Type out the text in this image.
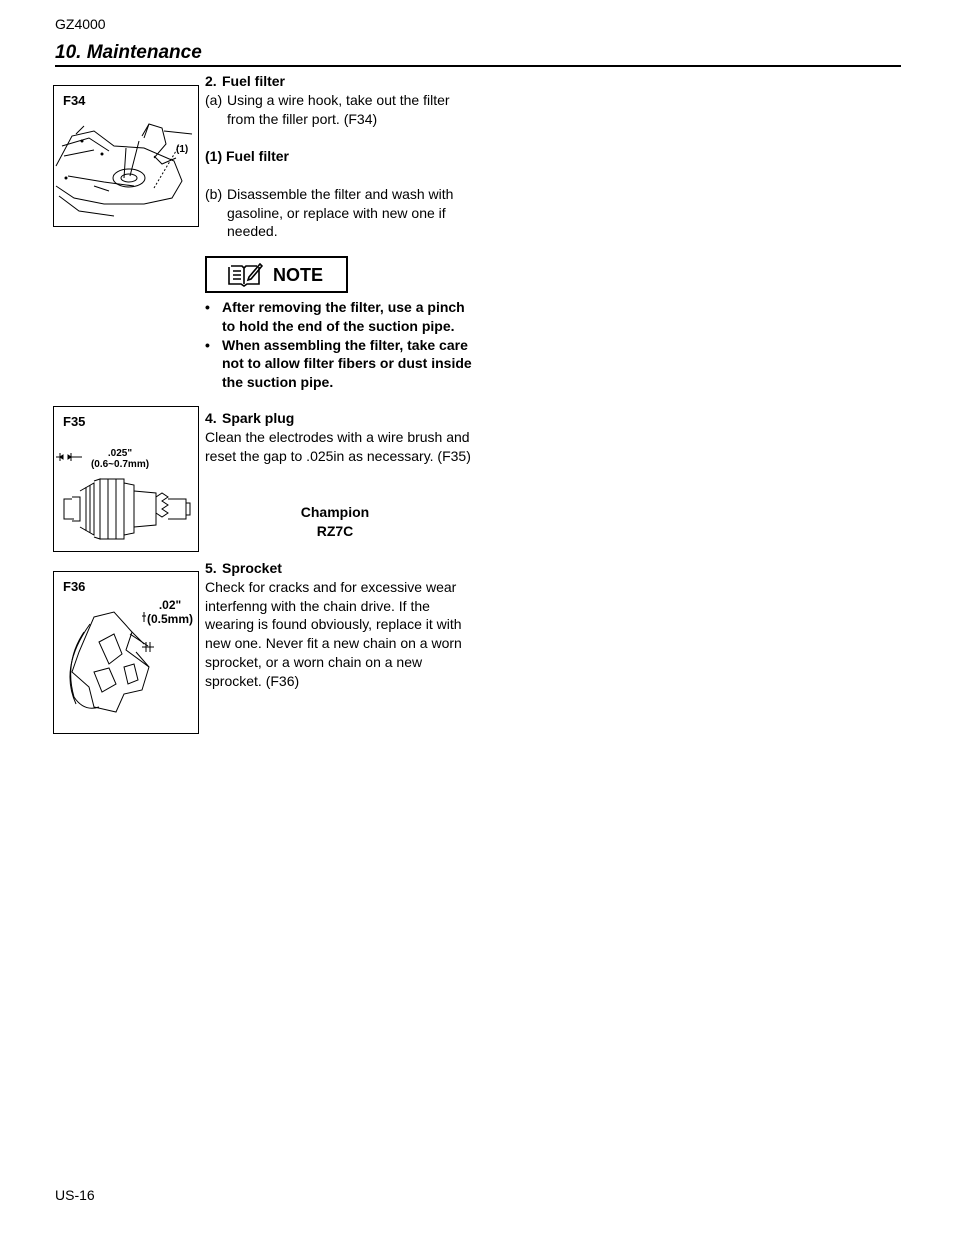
GZ4000
10. Maintenance
F34
(1)
2. Fuel filter
(a) Using a wire hook, take out the filter from the filler port. (F34)
(1) Fuel filter
(b) Disassemble the filter and wash with gasoline, or replace with new one if needed.
NOTE
• After removing the filter, use a pinch to hold the end of the suction pipe.
• When assembling the filter, take care not to allow filter fibers or dust inside the suction pipe.
F35
.025"
(0.6~0.7mm)
4. Spark plug
Clean the electrodes with a wire brush and reset the gap to .025in as necessary. (F35)
Champion
RZ7C
F36
.02"
(0.5mm)
5. Sprocket
Check for cracks and for excessive wear interfenng with the chain drive. If the wearing is found obviously, replace it with new one. Never fit a new chain on a worn sprocket, or a worn chain on a new sprocket. (F36)
US-16
